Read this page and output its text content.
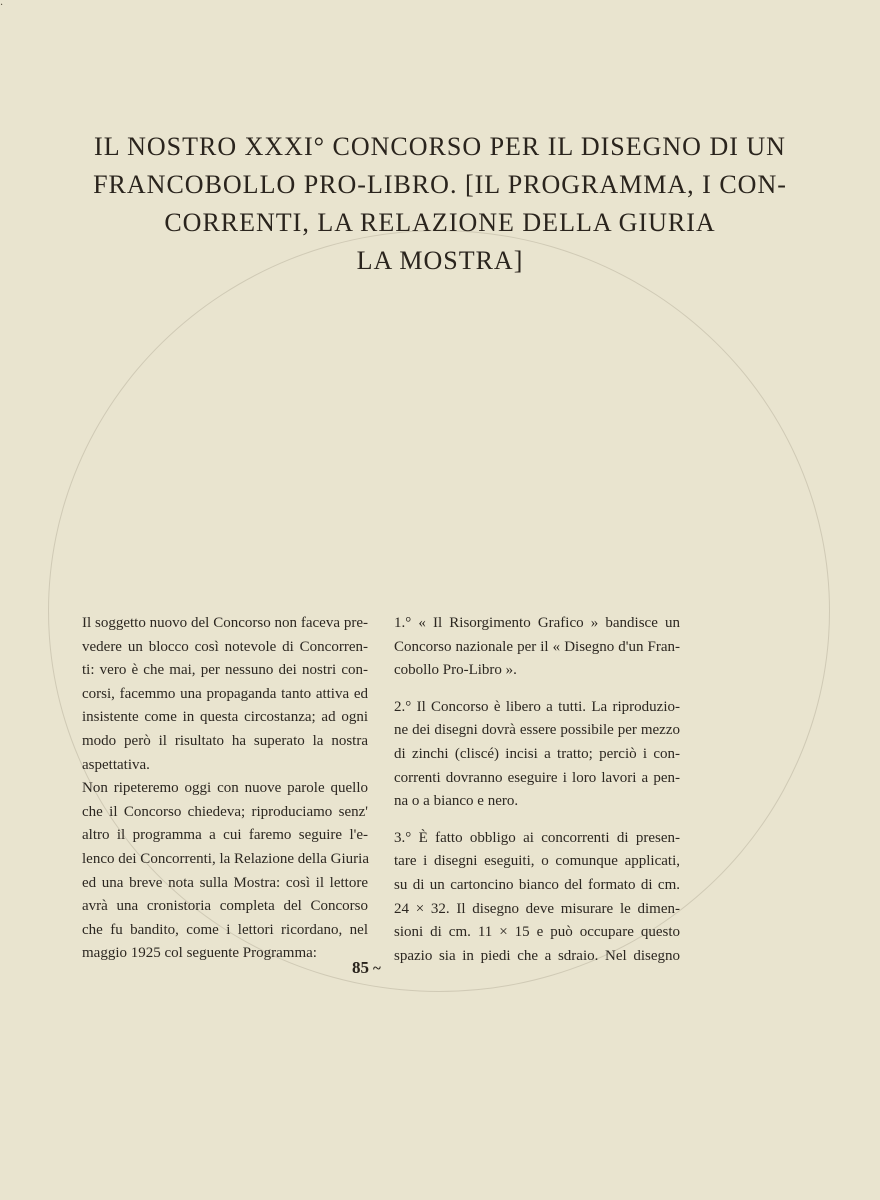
·
IL NOSTRO XXXI° CONCORSO PER IL DISEGNO DI UN
FRANCOBOLLO PRO-LIBRO. [IL PROGRAMMA, I CON-
CORRENTI, LA RELAZIONE DELLA GIURIA
LA MOSTRA]
Il soggetto nuovo del Concorso non faceva pre-
vedere un blocco così notevole di Concorren-
ti: vero è che mai, per nessuno dei nostri con-
corsi, facemmo una propaganda tanto attiva ed
insistente come in questa circostanza; ad ogni
modo però il risultato ha superato la nostra
aspettativa.
Non ripeteremo oggi con nuove parole quello
che il Concorso chiedeva; riproduciamo senz'
altro il programma a cui faremo seguire l'e-
lenco dei Concorrenti, la Relazione della Giuria
ed una breve nota sulla Mostra: così il lettore
avrà una cronistoria completa del Concorso
che fu bandito, come i lettori ricordano, nel
maggio 1925 col seguente Programma:
1.° « Il Risorgimento Grafico » bandisce un
Concorso nazionale per il « Disegno d'un Fran-
cobollo Pro-Libro ».
2.° Il Concorso è libero a tutti. La riproduzio-
ne dei disegni dovrà essere possibile per mezzo
di zinchi (cliscé) incisi a tratto; perciò i con-
correnti dovranno eseguire i loro lavori a pen-
na o a bianco e nero.
3.° È fatto obbligo ai concorrenti di presen-
tare i disegni eseguiti, o comunque applicati,
su di un cartoncino bianco del formato di cm.
24 × 32. Il disegno deve misurare le dimen-
sioni di cm. 11 × 15 e può occupare questo
spazio sia in piedi che a sdraio. Nel disegno
85 ~
